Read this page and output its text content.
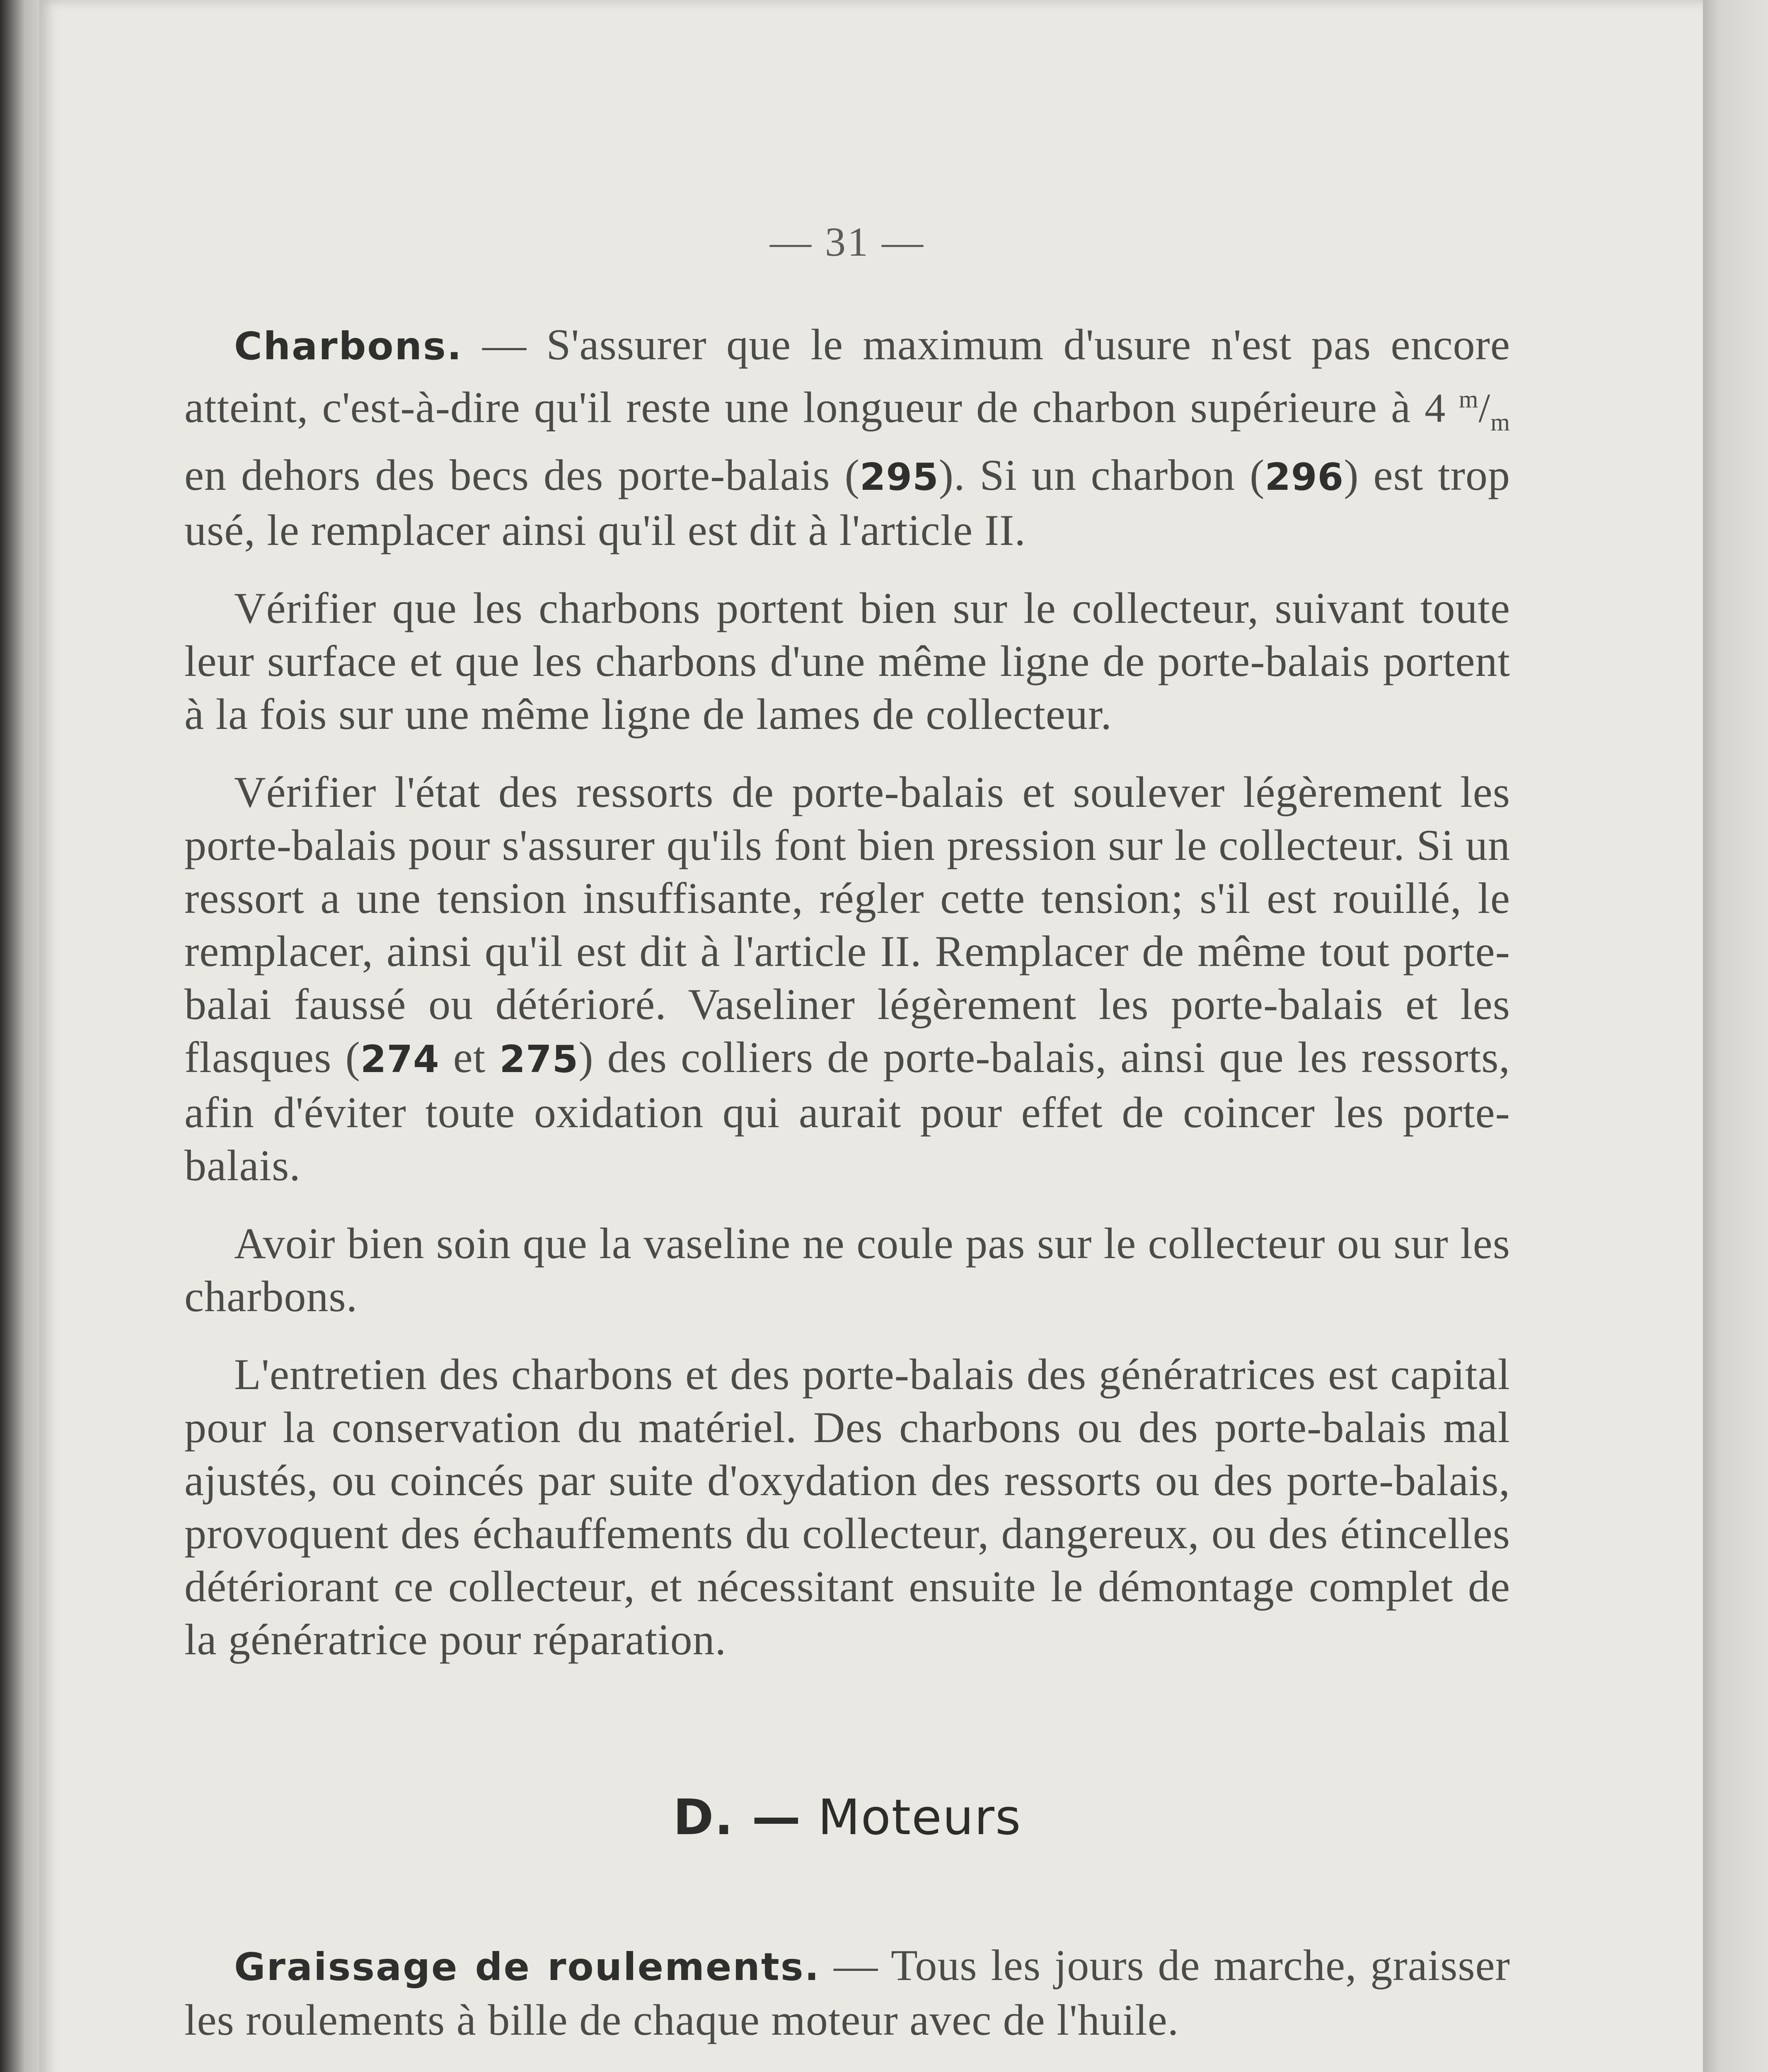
— 31 —

Charbons. — S'assurer que le maximum d'usure n'est pas encore atteint, c'est-à-dire qu'il reste une longueur de charbon supérieure à 4 $^m/_m$ en dehors des becs des porte-balais (295). Si un charbon (296) est trop usé, le remplacer ainsi qu'il est dit à l'article II.

Vérifier que les charbons portent bien sur le collecteur, suivant toute leur surface et que les charbons d'une même ligne de porte-balais portent à la fois sur une même ligne de lames de collecteur.

Vérifier l'état des ressorts de porte-balais et soulever légèrement les porte-balais pour s'assurer qu'ils font bien pression sur le collecteur. Si un ressort a une tension insuffisante, régler cette tension; s'il est rouillé, le remplacer, ainsi qu'il est dit à l'article II. Remplacer de même tout porte-balai faussé ou détérioré. Vaseliner légèrement les porte-balais et les flasques (274 et 275) des colliers de porte-balais, ainsi que les ressorts, afin d'éviter toute oxidation qui aurait pour effet de coincer les porte-balais.

Avoir bien soin que la vaseline ne coule pas sur le collecteur ou sur les charbons.

L'entretien des charbons et des porte-balais des génératrices est capital pour la conservation du matériel. Des charbons ou des porte-balais mal ajustés, ou coincés par suite d'oxydation des ressorts ou des porte-balais, provoquent des échauffements du collecteur, dangereux, ou des étincelles détériorant ce collecteur, et nécessitant ensuite le démontage complet de la génératrice pour réparation.

D. — Moteurs

Graissage de roulements. — Tous les jours de marche, graisser les roulements à bille de chaque moteur avec de l'huile.
